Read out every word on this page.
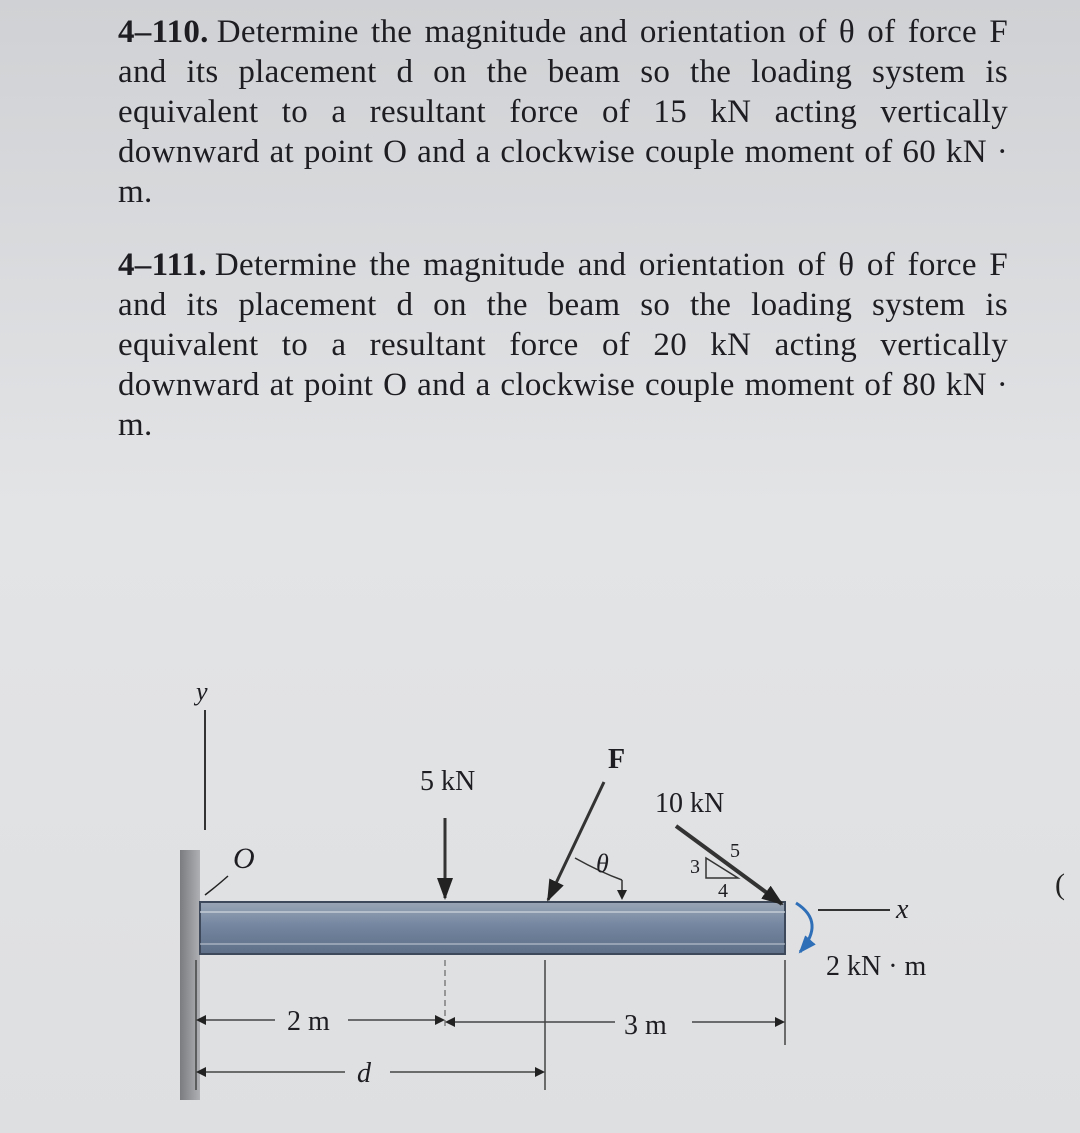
4–110. Determine the magnitude and orientation of θ of force F and its placement d on the beam so the loading system is equivalent to a resultant force of 15 kN acting vertically downward at point O and a clockwise couple moment of 60 kN · m.
4–111. Determine the magnitude and orientation of θ of force F and its placement d on the beam so the loading system is equivalent to a resultant force of 20 kN acting vertically downward at point O and a clockwise couple moment of 80 kN · m.
y
O
5 kN
F
θ
10 kN
3
4
5
2 kN · m
x
2 m	3 m
d
(
